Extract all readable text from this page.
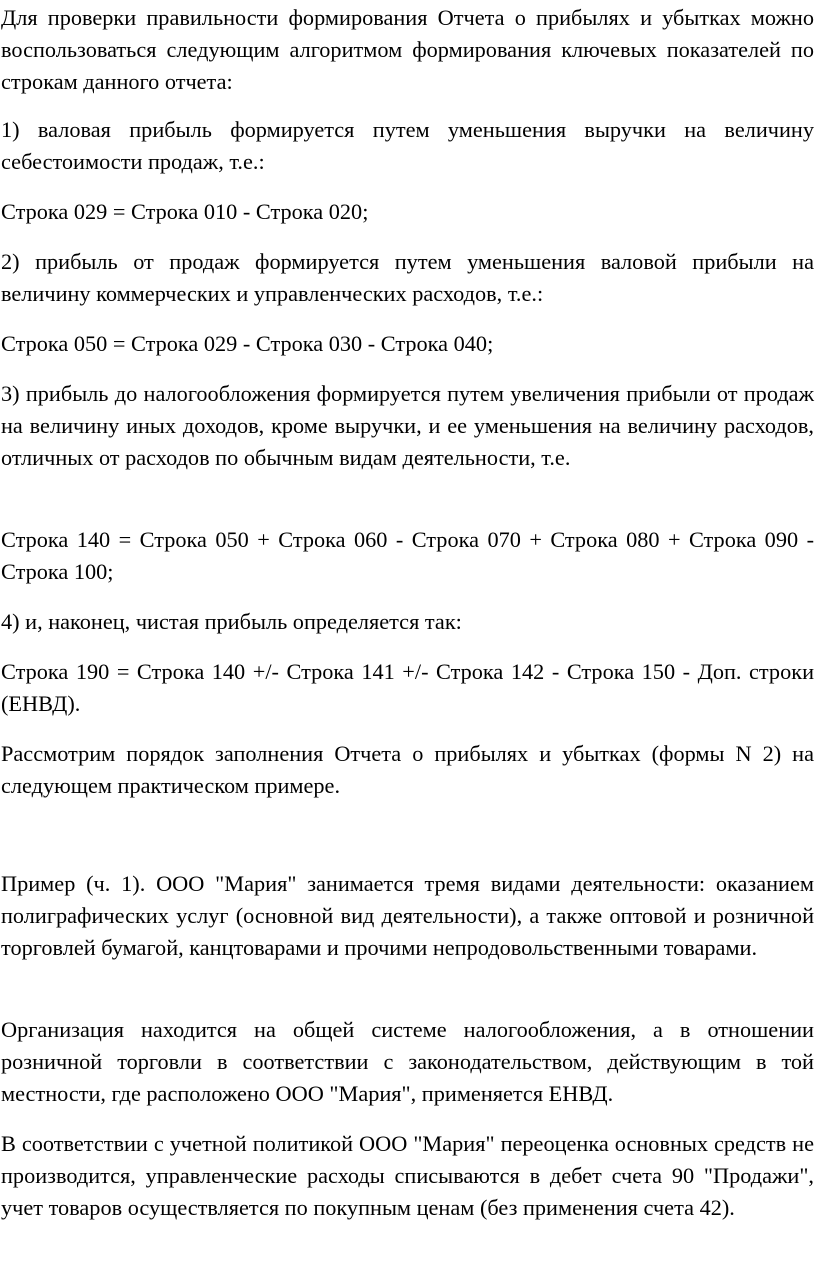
Для проверки правильности формирования Отчета о прибылях и убытках можно воспользоваться следующим алгоритмом формирования ключевых показателей по строкам данного отчета:

1) валовая прибыль формируется путем уменьшения выручки на величину себестоимости продаж, т.е.:

Строка 029 = Строка 010 - Строка 020;

2) прибыль от продаж формируется путем уменьшения валовой прибыли на величину коммерческих и управленческих расходов, т.е.:

Строка 050 = Строка 029 - Строка 030 - Строка 040;

3) прибыль до налогообложения формируется путем увеличения прибыли от продаж на величину иных доходов, кроме выручки, и ее уменьшения на величину расходов, отличных от расходов по обычным видам деятельности, т.е.

Строка 140 = Строка 050 + Строка 060 - Строка 070 + Строка 080 + Строка 090 - Строка 100;

4) и, наконец, чистая прибыль определяется так:

Строка 190 = Строка 140 +/- Строка 141 +/- Строка 142 - Строка 150 - Доп. строки (ЕНВД).

Рассмотрим порядок заполнения Отчета о прибылях и убытках (формы N 2) на следующем практическом примере.

Пример (ч. 1). ООО "Мария" занимается тремя видами деятельности: оказанием полиграфических услуг (основной вид деятельности), а также оптовой и розничной торговлей бумагой, канцтоварами и прочими непродовольственными товарами.

Организация находится на общей системе налогообложения, а в отношении розничной торговли в соответствии с законодательством, действующим в той местности, где расположено ООО "Мария", применяется ЕНВД.

В соответствии с учетной политикой ООО "Мария" переоценка основных средств не производится, управленческие расходы списываются в дебет счета 90 "Продажи", учет товаров осуществляется по покупным ценам (без применения счета 42).
